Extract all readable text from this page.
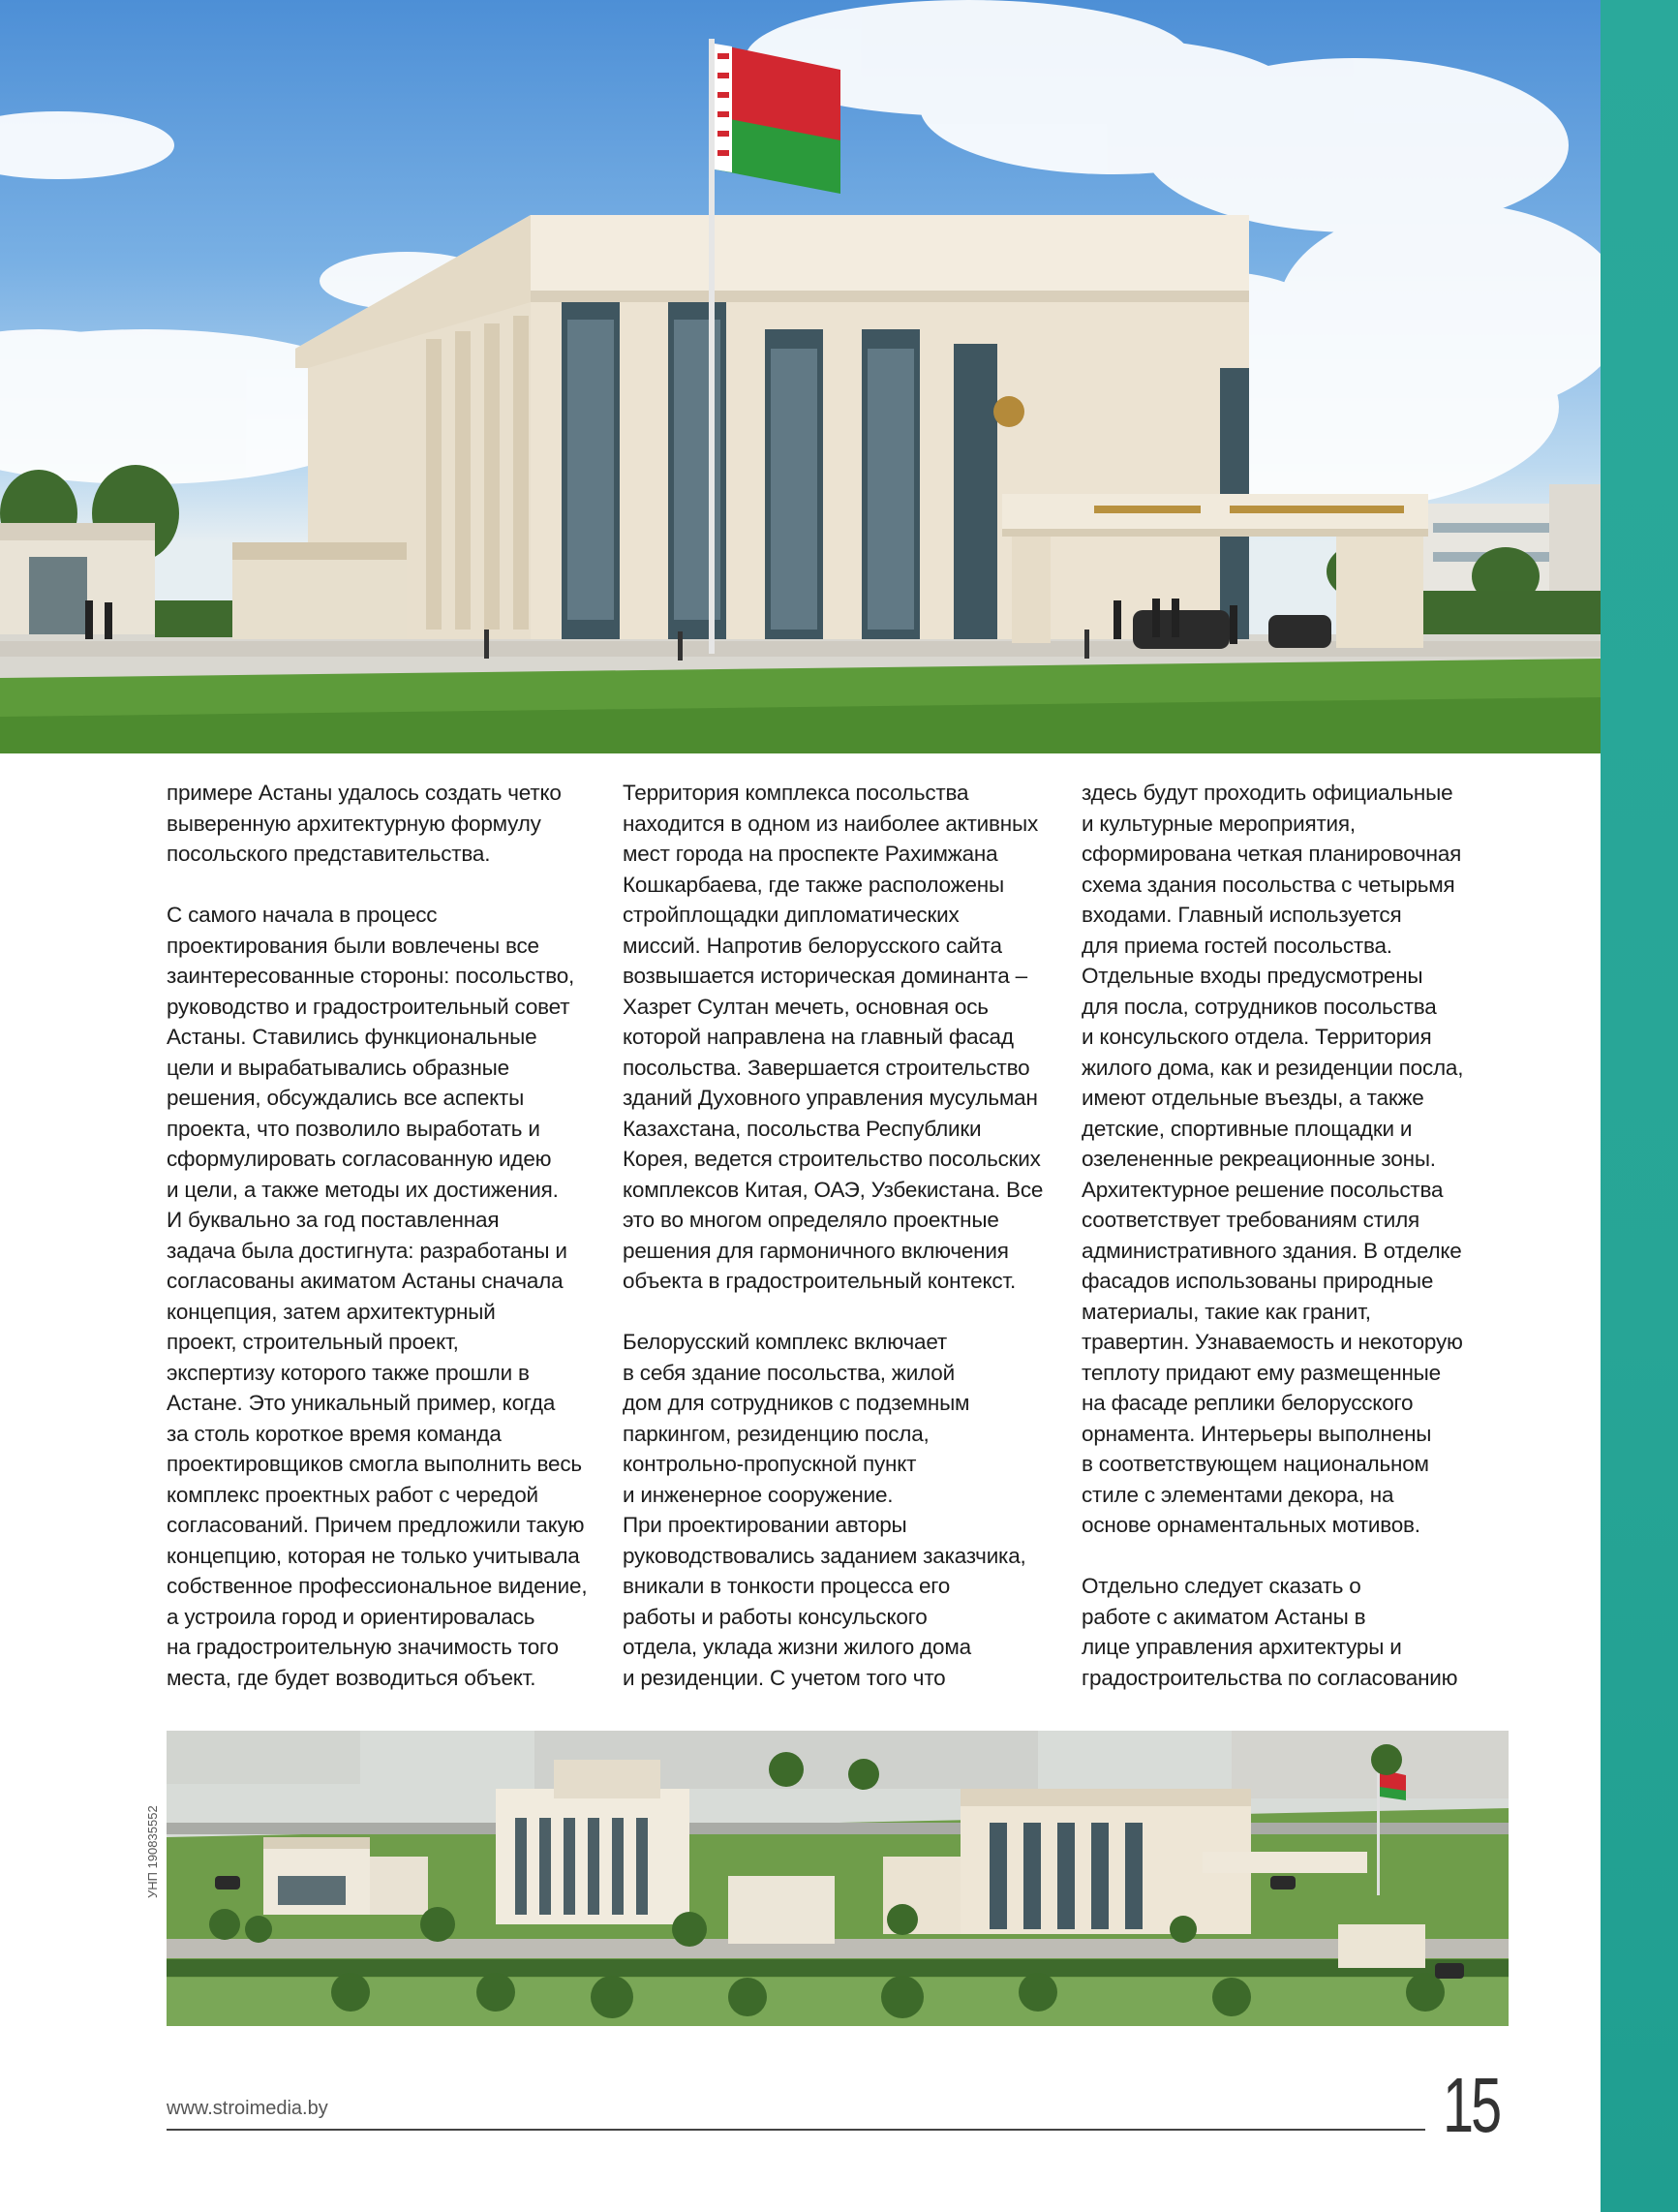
примере Астаны удалось создать четко
выверенную архитектурную формулу
посольского представительства.

С самого начала в процесс
проектирования были вовлечены все
заинтересованные стороны: посольство,
руководство и градостроительный совет
Астаны. Ставились функциональные
цели и вырабатывались образные
решения, обсуждались все аспекты
проекта, что позволило выработать и
сформулировать согласованную идею
и цели, а также методы их достижения.
И буквально за год поставленная
задача была достигнута: разработаны и
согласованы акиматом Астаны сначала
концепция, затем архитектурный
проект, строительный проект,
экспертизу которого также прошли в
Астане. Это уникальный пример, когда
за столь короткое время команда
проектировщиков смогла выполнить весь
комплекс проектных работ с чередой
согласований. Причем предложили такую
концепцию, которая не только учитывала
собственное профессиональное видение,
а устроила город и ориентировалась
на градостроительную значимость того
места, где будет возводиться объект.

Территория комплекса посольства
находится в одном из наиболее активных
мест города на проспекте Рахимжана
Кошкарбаева, где также расположены
стройплощадки дипломатических
миссий. Напротив белорусского сайта
возвышается историческая доминанта –
Хазрет Султан мечеть, основная ось
которой направлена на главный фасад
посольства. Завершается строительство
зданий Духовного управления мусульман
Казахстана, посольства Республики
Корея, ведется строительство посольских
комплексов Китая, ОАЭ, Узбекистана. Все
это во многом определяло проектные
решения для гармоничного включения
объекта в градостроительный контекст.

Белорусский комплекс включает
в себя здание посольства, жилой
дом для сотрудников с подземным
паркингом, резиденцию посла,
контрольно-пропускной пункт
и инженерное сооружение.
При проектировании авторы
руководствовались заданием заказчика,
вникали в тонкости процесса его
работы и работы консульского
отдела, уклада жизни жилого дома
и резиденции. С учетом того что

здесь будут проходить официальные
и культурные мероприятия,
сформирована четкая планировочная
схема здания посольства с четырьмя
входами. Главный используется
для приема гостей посольства.
Отдельные входы предусмотрены
для посла, сотрудников посольства
и консульского отдела. Территория
жилого дома, как и резиденции посла,
имеют отдельные въезды, а также
детские, спортивные площадки и
озелененные рекреационные зоны.
Архитектурное решение посольства
соответствует требованиям стиля
административного здания. В отделке
фасадов использованы природные
материалы, такие как гранит,
травертин. Узнаваемость и некоторую
теплоту придают ему размещенные
на фасаде реплики белорусского
орнамента. Интерьеры выполнены
в соответствующем национальном
стиле с элементами декора, на
основе орнаментальных мотивов.

Отдельно следует сказать о
работе с акиматом Астаны в
лице управления архитектуры и
градостроительства по согласованию

УНП 190835552
www.stroimedia.by	15
